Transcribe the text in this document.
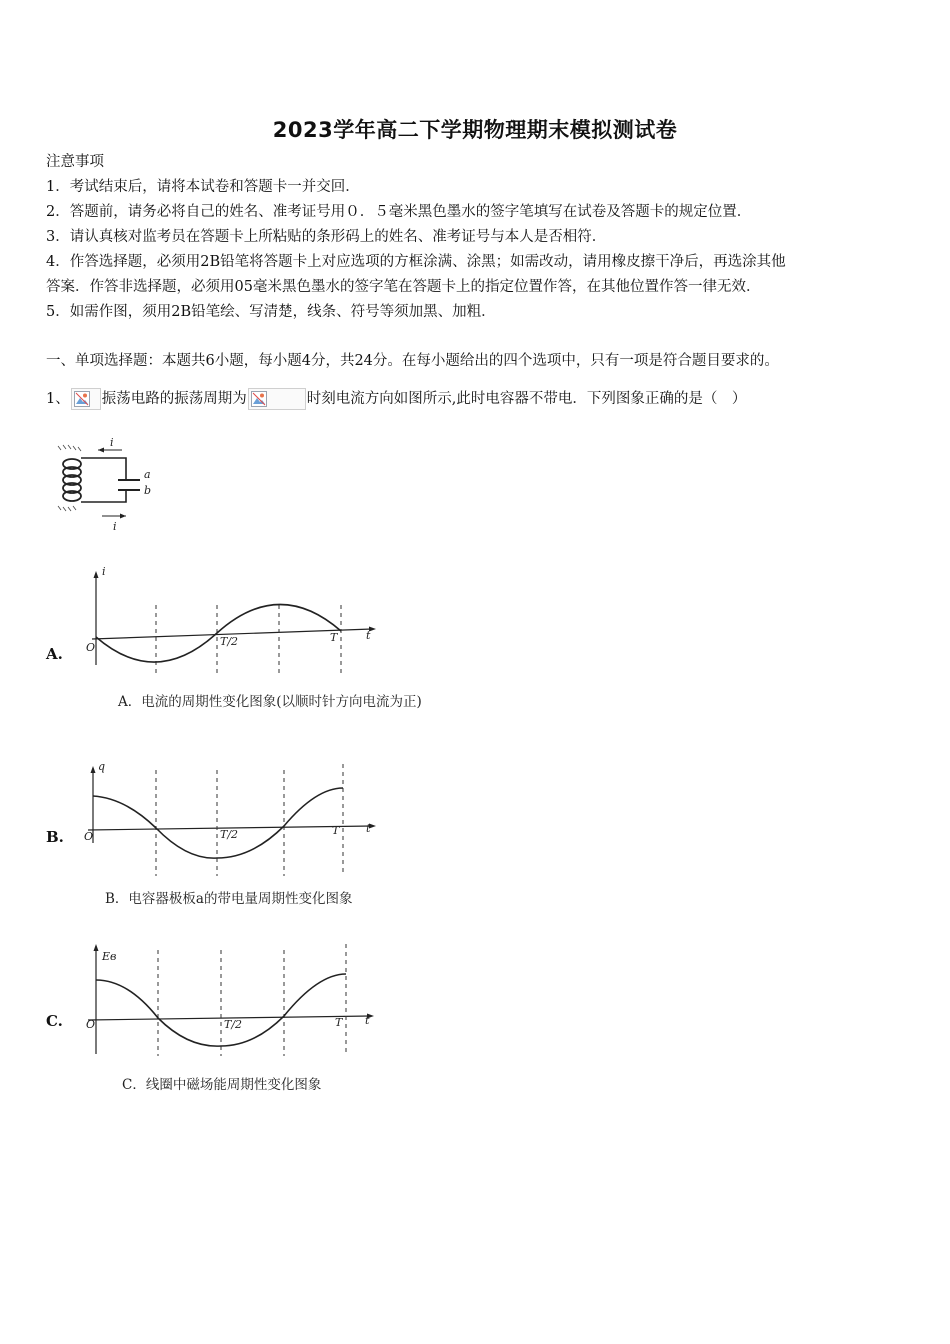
2023学年高二下学期物理期末模拟测试卷
注意事项
1．考试结束后，请将本试卷和答题卡一并交回．
2．答题前，请务必将自己的姓名、准考证号用０．５毫米黑色墨水的签字笔填写在试卷及答题卡的规定位置．
3．请认真核对监考员在答题卡上所粘贴的条形码上的姓名、准考证号与本人是否相符．
4．作答选择题，必须用2B铅笔将答题卡上对应选项的方框涂满、涂黑；如需改动，请用橡皮擦干净后，再选涂其他
答案．作答非选择题，必须用05毫米黑色墨水的签字笔在答题卡上的指定位置作答，在其他位置作答一律无效．
5．如需作图，须用2B铅笔绘、写清楚，线条、符号等须加黑、加粗．
一、单项选择题：本题共6小题，每小题4分，共24分。在每小题给出的四个选项中，只有一项是符合题目要求的。
1、 振荡电路的振荡周期为	时刻电流方向如图所示,此时电容器不带电．下列图象正确的是（　）
i
i
a
b
A.
i
O	T/2	T	t
A．电流的周期性变化图象(以顺时针方向电流为正)
B.
q
O	T/2	T t
B．电容器极板a的带电量周期性变化图象
C.
Eв
O	T/2	T t
C．线圈中磁场能周期性变化图象
